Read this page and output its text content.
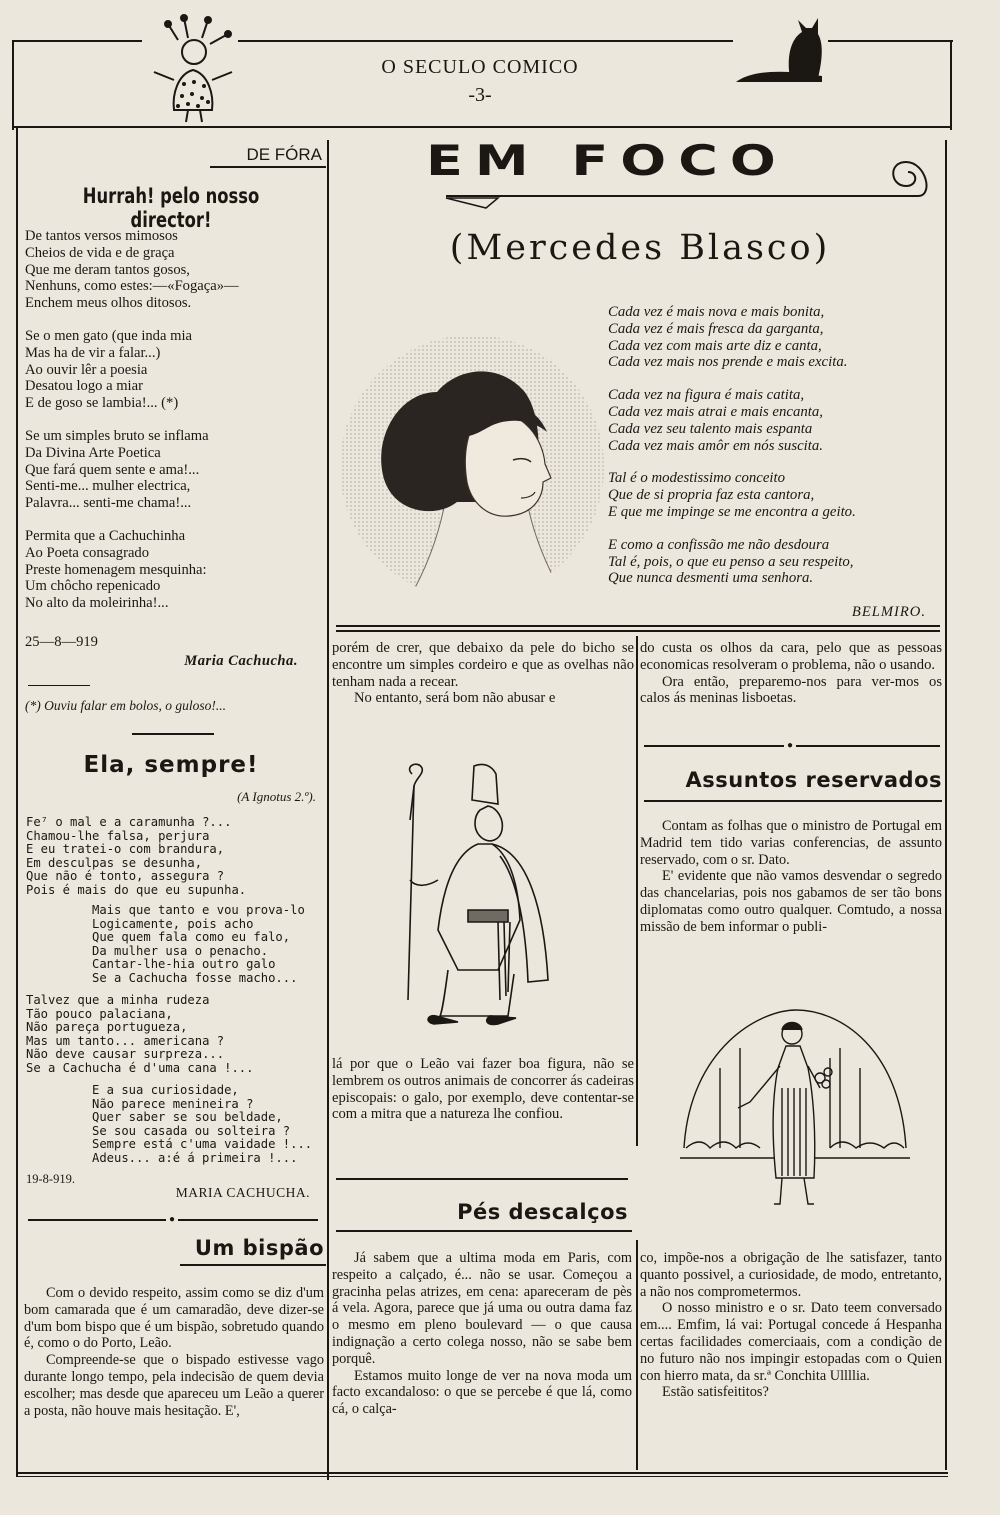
O SECULO COMICO
-3-
DE FÓRA
Hurrah! pelo nosso director!

De tantos versos mimosos

Cheios de vida e de graça

Que me deram tantos gosos,

Nenhuns, como estes:—«Fogaça»—

Enchem meus olhos ditosos.

Se o men gato (que inda mia

Mas ha de vir a falar...)

Ao ouvir lêr a poesia

Desatou logo a miar

E de goso se lambia!... (*)

Se um simples bruto se inflama

Da Divina Arte Poetica

Que fará quem sente e ama!...

Senti-me... mulher electrica,

Palavra... senti-me chama!...

Permita que a Cachuchinha

Ao Poeta consagrado

Preste homenagem mesquinha:

Um chôcho repenicado

No alto da moleirinha!...

25—8—919
Maria Cachucha.
(*) Ouviu falar em bolos, o guloso!...
Ela, sempre!
(A Ignotus 2.º).

Fe⁷ o mal e a caramunha ?...

Chamou-lhe falsa, perjura

E eu tratei-o com brandura,

Em desculpas se desunha,

Que não é tonto, assegura ?

Pois é mais do que eu supunha.

Mais que tanto e vou prova-lo

Logicamente, pois acho

Que quem fala como eu falo,

Da mulher usa o penacho.

Cantar-lhe-hia outro galo

Se a Cachucha fosse macho...

Talvez que a minha rudeza

Tão pouco palaciana,

Não pareça portugueza,

Mas um tanto... americana ?

Não deve causar surpreza...

Se a Cachucha é d'uma cana !...

E a sua curiosidade,

Não parece menineira ?

Quer saber se sou beldade,

Se sou casada ou solteira ?

Sempre está c'uma vaidade !...

Adeus... a:é á primeira !...

19-8-919.
MARIA CACHUCHA.
●
Um bispão

Com o devido respeito, assim como se diz d'um bom camarada que é um camaradão, deve dizer-se d'um bom bispo que é um bispão, sobretudo quando é, como o do Porto, Leão.

Compreende-se que o bispado estivesse vago durante longo tempo, pela indecisão de quem devia escolher; mas desde que apareceu um Leão a querer a posta, não houve mais hesitação. E',

EM FOCO
(Mercedes Blasco)

Cada vez é mais nova e mais bonita,

Cada vez é mais fresca da garganta,

Cada vez com mais arte diz e canta,

Cada vez mais nos prende e mais excita.

Cada vez na figura é mais catita,

Cada vez mais atrai e mais encanta,

Cada vez seu talento mais espanta

Cada vez mais amôr em nós suscita.

Tal é o modestissimo conceito

Que de si propria faz esta cantora,

E que me impinge se me encontra a geito.

E como a confissão me não desdoura

Tal é, pois, o que eu penso a seu respeito,

Que nunca desmenti uma senhora.

BELMIRO.

porém de crer, que debaixo da pele do bicho se encontre um simples cordeiro e que as ovelhas não tenham nada a recear.

No entanto, será bom não abusar e

lá por que o Leão vai fazer boa figura, não se lembrem os outros animais de concorrer ás cadeiras episcopais: o galo, por exemplo, deve contentar-se com a mitra que a natureza lhe confiou.

Pés descalços

Já sabem que a ultima moda em Paris, com respeito a calçado, é... não se usar. Começou a gracinha pelas atrizes, em cena: apareceram de pès á vela. Agora, parece que já uma ou outra dama faz o mesmo em pleno boulevard — o que causa indignação a certo colega nosso, não se sabe bem porquê.

Estamos muito longe de ver na nova moda um facto excandaloso: o que se percebe é que lá, como cá, o calça-

do custa os olhos da cara, pelo que as pessoas economicas resolveram o problema, não o usando.

Ora então, preparemo-nos para ver-mos os calos ás meninas lisboetas.

●
Assuntos reservados

Contam as folhas que o ministro de Portugal em Madrid tem tido varias conferencias, de assunto reservado, com o sr. Dato.

E' evidente que não vamos desvendar o segredo das chancelarias, pois nos gabamos de ser tão bons diplomatas como outro qualquer. Comtudo, a nossa missão de bem informar o publi-

co, impõe-nos a obrigação de lhe satisfazer, tanto quanto possivel, a curiosidade, de modo, entretanto, a não nos comprometermos.

O nosso ministro e o sr. Dato teem conversado em.... Emfim, lá vai: Portugal concede á Hespanha certas facilidades comerciaais, com a condição de no futuro não nos impingir estopadas com o Quien con hierro mata, da sr.ª Conchita Ullllia.

Estão satisfeititos?
